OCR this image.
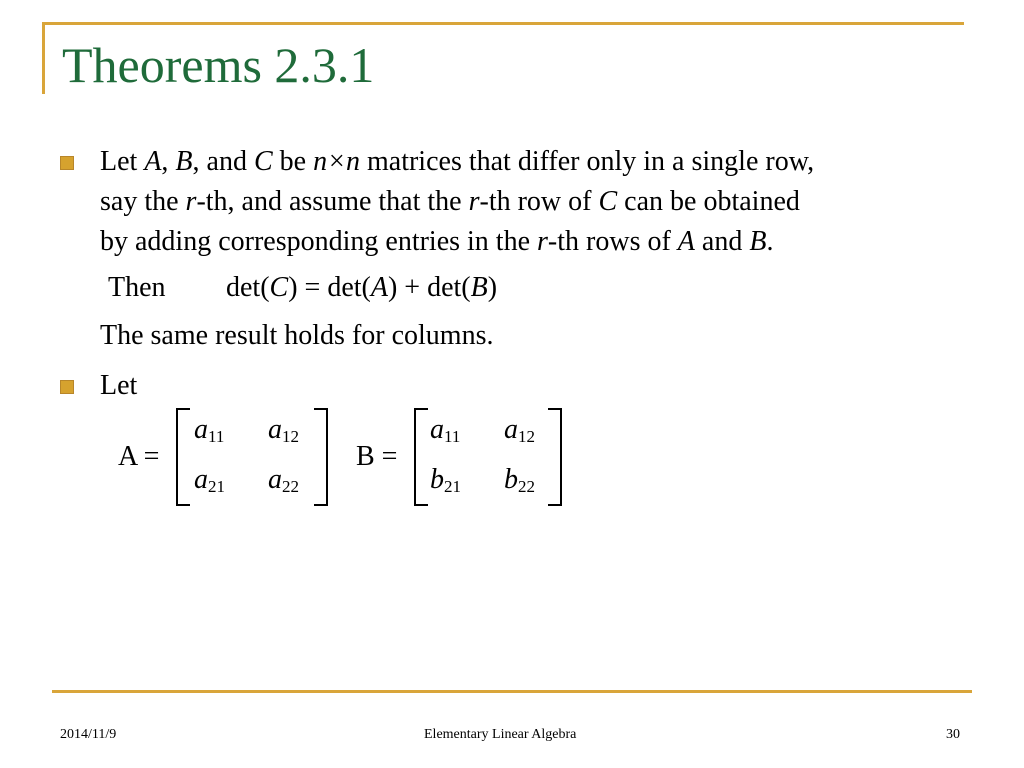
Theorems 2.3.1
Let A, B, and C be n×n matrices that differ only in a single row,
say the r-th, and assume that the r-th row of C can be obtained
by adding corresponding entries in the r-th rows of A and B.
Then det(C) = det(A) + det(B)
The same result holds for columns.
Let
A =
$a_{11}$ $a_{12}$
$a_{21}$ $a_{22}$
B =
$a_{11}$ $a_{12}$
$b_{21}$ $b_{22}$
2014/11/9	Elementary Linear Algebra	30
